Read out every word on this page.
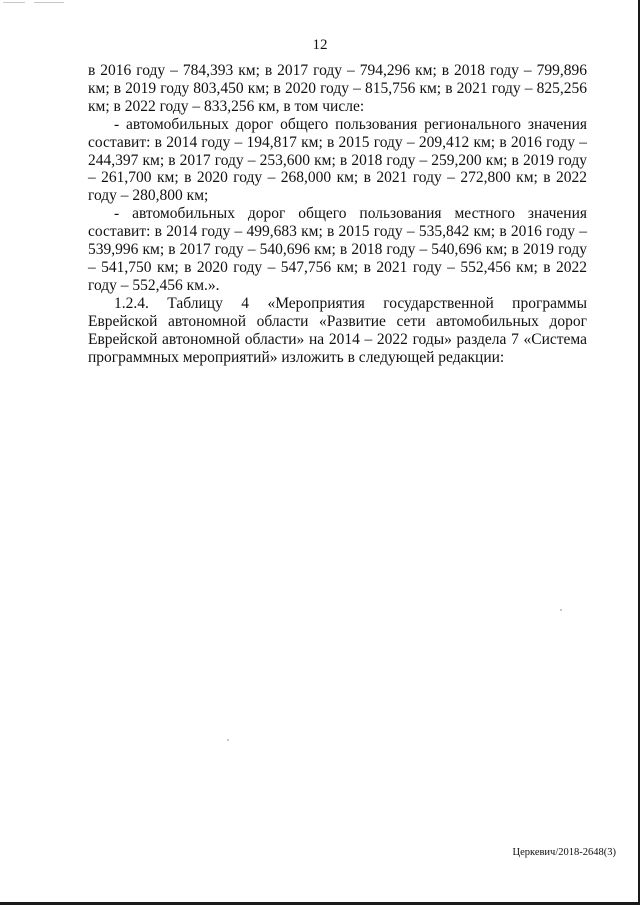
12

в 2016 году – 784,393 км; в 2017 году – 794,296 км; в 2018 году – 799,896 км; в 2019 году 803,450 км; в 2020 году – 815,756 км; в 2021 году – 825,256 км; в 2022 году – 833,256 км, в том числе:

- автомобильных дорог общего пользования регионального значения составит: в 2014 году – 194,817 км; в 2015 году – 209,412 км; в 2016 году – 244,397 км; в 2017 году – 253,600 км; в 2018 году – 259,200 км; в 2019 году – 261,700 км; в 2020 году – 268,000 км; в 2021 году – 272,800 км; в 2022 году – 280,800 км;

- автомобильных дорог общего пользования местного значения составит: в 2014 году – 499,683 км; в 2015 году – 535,842 км; в 2016 году – 539,996 км; в 2017 году – 540,696 км; в 2018 году – 540,696 км; в 2019 году – 541,750 км; в 2020 году – 547,756 км; в 2021 году – 552,456 км; в 2022 году – 552,456 км.».

1.2.4. Таблицу 4 «Мероприятия государственной программы Еврейской автономной области «Развитие сети автомобильных дорог Еврейской автономной области» на 2014 – 2022 годы» раздела 7 «Система программных мероприятий» изложить в следующей редакции:

Церкевич/2018-2648(3)
